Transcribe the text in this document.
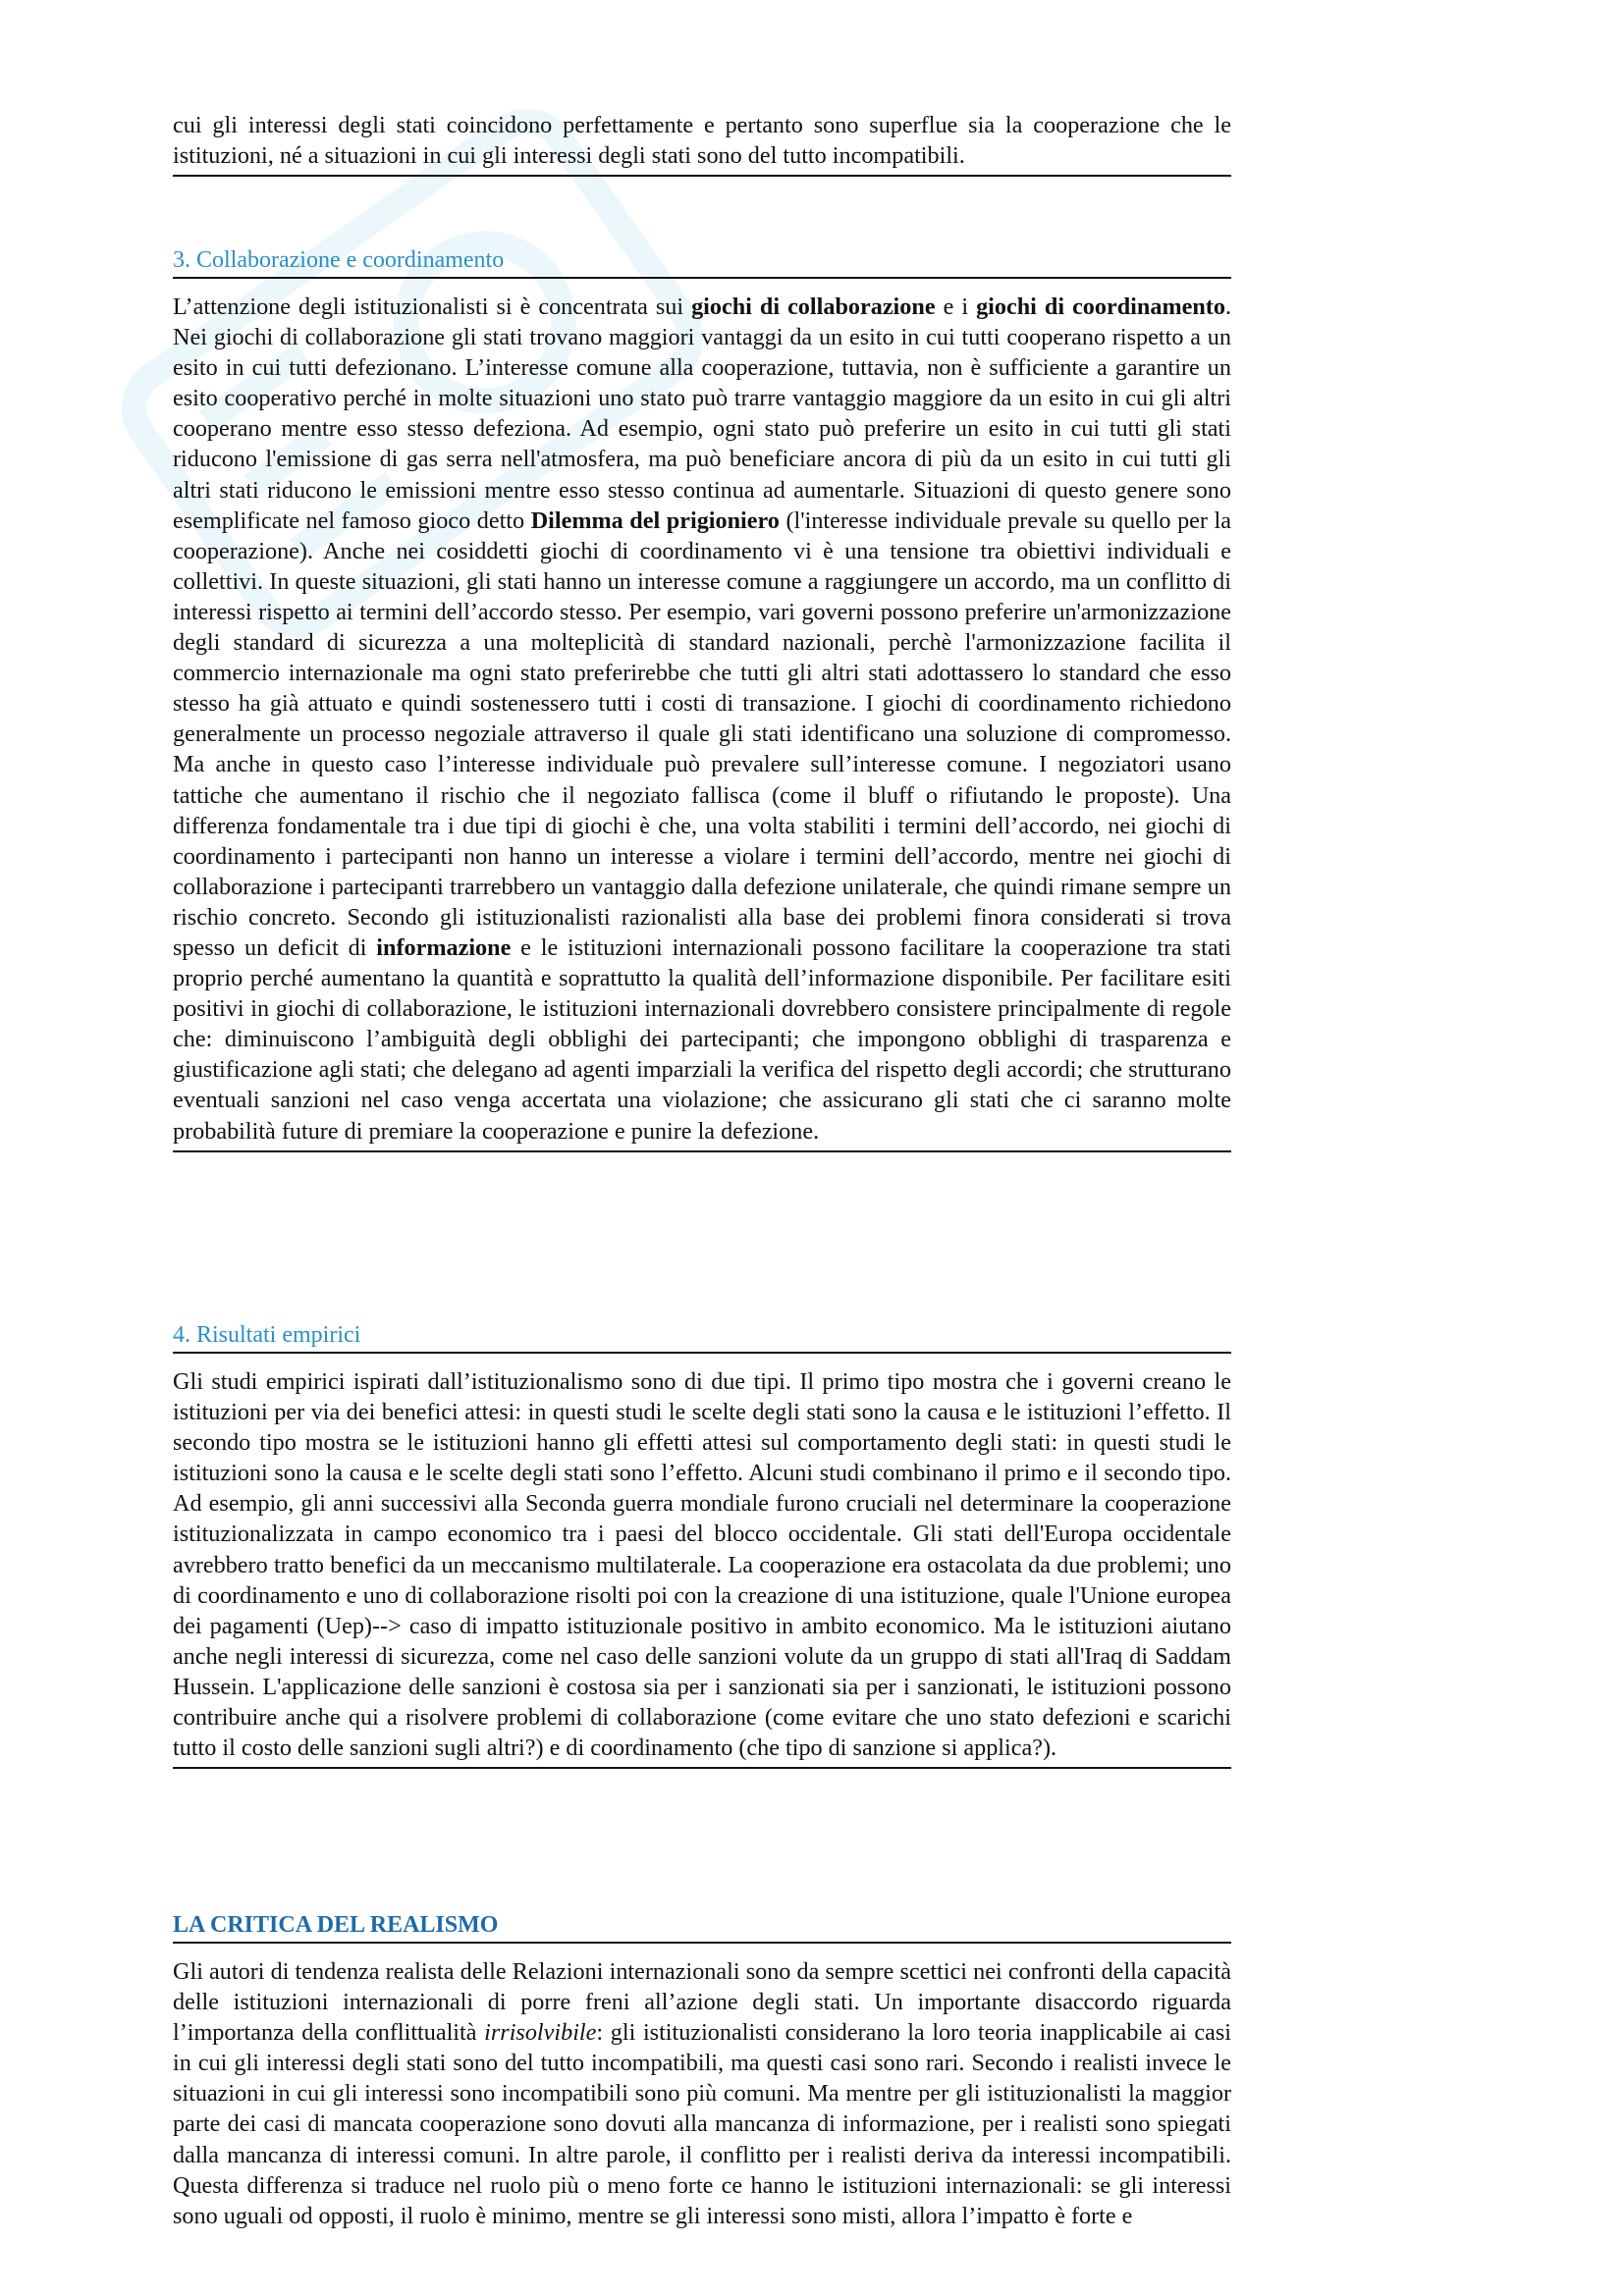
cui gli interessi degli stati coincidono perfettamente e pertanto sono superflue sia la cooperazione che le istituzioni, né a situazioni in cui gli interessi degli stati sono del tutto incompatibili.

3. Collaborazione e coordinamento

L’attenzione degli istituzionalisti si è concentrata sui giochi di collaborazione e i giochi di coordinamento. Nei giochi di collaborazione gli stati trovano maggiori vantaggi da un esito in cui tutti cooperano rispetto a un esito in cui tutti defezionano. L’interesse comune alla cooperazione, tuttavia, non è sufficiente a garantire un esito cooperativo perché in molte situazioni uno stato può trarre vantaggio maggiore da un esito in cui gli altri cooperano mentre esso stesso defeziona. Ad esempio, ogni stato può preferire un esito in cui tutti gli stati riducono l'emissione di gas serra nell'atmosfera, ma può beneficiare ancora di più da un esito in cui tutti gli altri stati riducono le emissioni mentre esso stesso continua ad aumentarle. Situazioni di questo genere sono esemplificate nel famoso gioco detto Dilemma del prigioniero (l'interesse individuale prevale su quello per la cooperazione). Anche nei cosiddetti giochi di coordinamento vi è una tensione tra obiettivi individuali e collettivi. In queste situazioni, gli stati hanno un interesse comune a raggiungere un accordo, ma un conflitto di interessi rispetto ai termini dell’accordo stesso. Per esempio, vari governi possono preferire un'armonizzazione degli standard di sicurezza a una molteplicità di standard nazionali, perchè l'armonizzazione facilita il commercio internazionale ma ogni stato preferirebbe che tutti gli altri stati adottassero lo standard che esso stesso ha già attuato e quindi sostenessero tutti i costi di transazione. I giochi di coordinamento richiedono generalmente un processo negoziale attraverso il quale gli stati identificano una soluzione di compromesso. Ma anche in questo caso l’interesse individuale può prevalere sull’interesse comune. I negoziatori usano tattiche che aumentano il rischio che il negoziato fallisca (come il bluff o rifiutando le proposte). Una differenza fondamentale tra i due tipi di giochi è che, una volta stabiliti i termini dell’accordo, nei giochi di coordinamento i partecipanti non hanno un interesse a violare i termini dell’accordo, mentre nei giochi di collaborazione i partecipanti trarrebbero un vantaggio dalla defezione unilaterale, che quindi rimane sempre un rischio concreto. Secondo gli istituzionalisti razionalisti alla base dei problemi finora considerati si trova spesso un deficit di informazione e le istituzioni internazionali possono facilitare la cooperazione tra stati proprio perché aumentano la quantità e soprattutto la qualità dell’informazione disponibile. Per facilitare esiti positivi in giochi di collaborazione, le istituzioni internazionali dovrebbero consistere principalmente di regole che: diminuiscono l’ambiguità degli obblighi dei partecipanti; che impongono obblighi di trasparenza e giustificazione agli stati; che delegano ad agenti imparziali la verifica del rispetto degli accordi; che strutturano eventuali sanzioni nel caso venga accertata una violazione; che assicurano gli stati che ci saranno molte probabilità future di premiare la cooperazione e punire la defezione.

4. Risultati empirici

Gli studi empirici ispirati dall’istituzionalismo sono di due tipi. Il primo tipo mostra che i governi creano le istituzioni per via dei benefici attesi: in questi studi le scelte degli stati sono la causa e le istituzioni l’effetto. Il secondo tipo mostra se le istituzioni hanno gli effetti attesi sul comportamento degli stati: in questi studi le istituzioni sono la causa e le scelte degli stati sono l’effetto. Alcuni studi combinano il primo e il secondo tipo. Ad esempio, gli anni successivi alla Seconda guerra mondiale furono cruciali nel determinare la cooperazione istituzionalizzata in campo economico tra i paesi del blocco occidentale. Gli stati dell'Europa occidentale avrebbero tratto benefici da un meccanismo multilaterale. La cooperazione era ostacolata da due problemi; uno di coordinamento e uno di collaborazione risolti poi con la creazione di una istituzione, quale l'Unione europea dei pagamenti (Uep)--> caso di impatto istituzionale positivo in ambito economico. Ma le istituzioni aiutano anche negli interessi di sicurezza, come nel caso delle sanzioni volute da un gruppo di stati all'Iraq di Saddam Hussein. L'applicazione delle sanzioni è costosa sia per i sanzionati sia per i sanzionati, le istituzioni possono contribuire anche qui a risolvere problemi di collaborazione (come evitare che uno stato defezioni e scarichi tutto il costo delle sanzioni sugli altri?) e di coordinamento (che tipo di sanzione si applica?).

LA CRITICA DEL REALISMO

Gli autori di tendenza realista delle Relazioni internazionali sono da sempre scettici nei confronti della capacità delle istituzioni internazionali di porre freni all’azione degli stati. Un importante disaccordo riguarda l’importanza della conflittualità irrisolvibile: gli istituzionalisti considerano la loro teoria inapplicabile ai casi in cui gli interessi degli stati sono del tutto incompatibili, ma questi casi sono rari. Secondo i realisti invece le situazioni in cui gli interessi sono incompatibili sono più comuni. Ma mentre per gli istituzionalisti la maggior parte dei casi di mancata cooperazione sono dovuti alla mancanza di informazione, per i realisti sono spiegati dalla mancanza di interessi comuni. In altre parole, il conflitto per i realisti deriva da interessi incompatibili. Questa differenza si traduce nel ruolo più o meno forte ce hanno le istituzioni internazionali: se gli interessi sono uguali od opposti, il ruolo è minimo, mentre se gli interessi sono misti, allora l’impatto è forte e
